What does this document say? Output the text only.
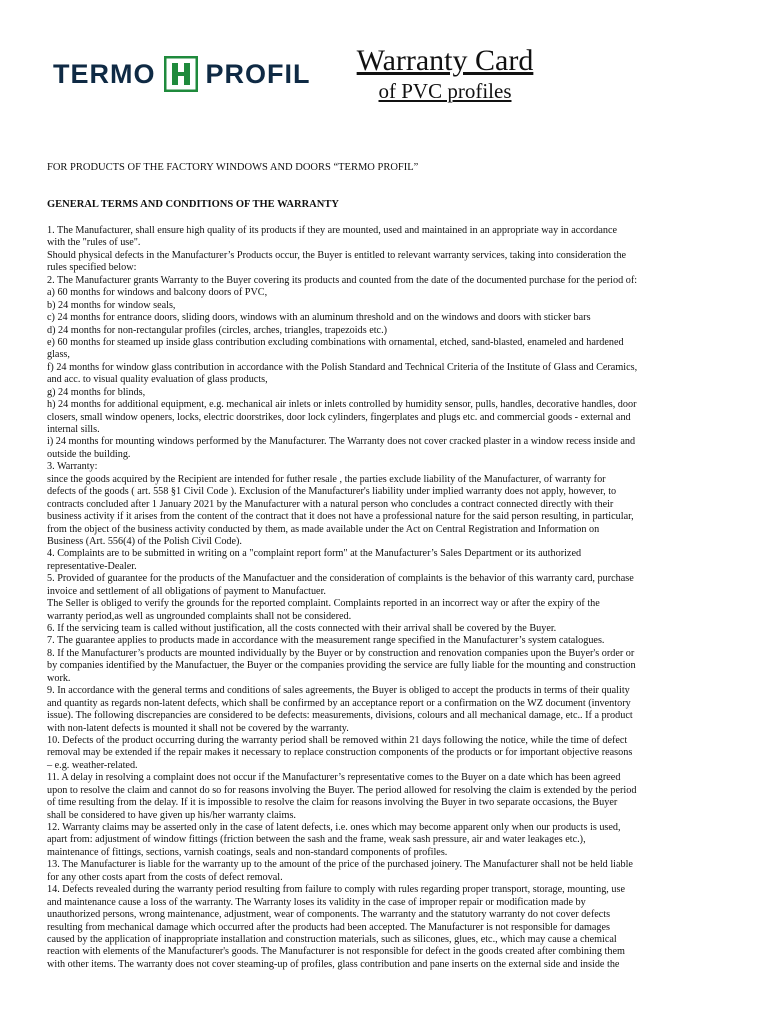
TERMO PROFIL	Warranty Card
of PVC profiles
FOR PRODUCTS OF THE FACTORY WINDOWS AND DOORS “TERMO PROFIL”
GENERAL TERMS AND CONDITIONS OF THE WARRANTY
1. The Manufacturer, shall ensure high quality of its products if they are mounted, used and maintained in an appropriate way in accordance
with the "rules of use".
Should physical defects in the Manufacturer’s Products occur, the Buyer is entitled to relevant warranty services, taking into consideration the
rules specified below:
2. The Manufacturer grants Warranty to the Buyer covering its products and counted from the date of the documented purchase for the period of:
a) 60 months for windows and balcony doors of PVC,
b) 24 months for window seals,
c) 24 months for entrance doors, sliding doors, windows with an aluminum threshold and on the windows and doors with sticker bars
d) 24 months for non-rectangular profiles (circles, arches, triangles, trapezoids etc.)
e) 60 months for steamed up inside glass contribution excluding combinations with ornamental, etched, sand-blasted, enameled and hardened
glass,
f) 24 months for window glass contribution in accordance with the Polish Standard and Technical Criteria of the Institute of Glass and Ceramics,
and acc. to visual quality evaluation of glass products,
g) 24 months for blinds,
h) 24 months for additional equipment, e.g. mechanical air inlets or inlets controlled by humidity sensor, pulls, handles, decorative handles, door
closers, small window openers, locks, electric doorstrikes, door lock cylinders, fingerplates and plugs etc. and commercial goods - external and
internal sills.
i) 24 months for mounting windows performed by the Manufacturer. The Warranty does not cover cracked plaster in a window recess inside and
outside the building.
3. Warranty:
since the goods acquired by the Recipient are intended for futher resale , the parties exclude liability of the Manufacturer, of warranty for
defects of the goods ( art. 558 §1 Civil Code ). Exclusion of the Manufacturer's liability under implied warranty does not apply, however, to
contracts concluded after 1 January 2021 by the Manufacturer with a natural person who concludes a contract connected directly with their
business activity if it arises from the content of the contract that it does not have a professional nature for the said person resulting, in particular,
from the object of the business activity conducted by them, as made available under the Act on Central Registration and Information on
Business (Art. 556(4) of the Polish Civil Code).
4. Complaints are to be submitted in writing on a "complaint report form" at the Manufacturer’s Sales Department or its authorized
representative-Dealer.
5. Provided of guarantee for the products of the Manufactuer and the consideration of complaints is the behavior of this warranty card, purchase
invoice and settlement of all obligations of payment to Manufactuer.
The Seller is obliged to verify the grounds for the reported complaint. Complaints reported in an incorrect way or after the expiry of the
warranty period,as well as ungrounded complaints shall not be considered.
6. If the servicing team is called without justification, all the costs connected with their arrival shall be covered by the Buyer.
7. The guarantee applies to products made in accordance with the measurement range specified in the Manufacturer’s system catalogues.
8. If the Manufacturer’s products are mounted individually by the Buyer or by construction and renovation companies upon the Buyer's order or
by companies identified by the Manufactuer, the Buyer or the companies providing the service are fully liable for the mounting and construction
work.
9. In accordance with the general terms and conditions of sales agreements, the Buyer is obliged to accept the products in terms of their quality
and quantity as regards non-latent defects, which shall be confirmed by an acceptance report or a confirmation on the WZ document (inventory
issue). The following discrepancies are considered to be defects: measurements, divisions, colours and all mechanical damage, etc.. If a product
with non-latent defects is mounted it shall not be covered by the warranty.
10. Defects of the product occurring during the warranty period shall be removed within 21 days following the notice, while the time of defect
removal may be extended if the repair makes it necessary to replace construction components of the products or for important objective reasons
– e.g. weather-related.
11. A delay in resolving a complaint does not occur if the Manufacturer’s representative comes to the Buyer on a date which has been agreed
upon to resolve the claim and cannot do so for reasons involving the Buyer. The period allowed for resolving the claim is extended by the period
of time resulting from the delay. If it is impossible to resolve the claim for reasons involving the Buyer in two separate occasions, the Buyer
shall be considered to have given up his/her warranty claims.
12. Warranty claims may be asserted only in the case of latent defects, i.e. ones which may become apparent only when our products is used,
apart from: adjustment of window fittings (friction between the sash and the frame, weak sash pressure, air and water leakages etc.),
maintenance of fittings, sections, varnish coatings, seals and non-standard components of profiles.
13. The Manufacturer is liable for the warranty up to the amount of the price of the purchased joinery. The Manufacturer shall not be held liable
for any other costs apart from the costs of defect removal.
14. Defects revealed during the warranty period resulting from failure to comply with rules regarding proper transport, storage, mounting, use
and maintenance cause a loss of the warranty. The Warranty loses its validity in the case of improper repair or modification made by
unauthorized persons, wrong maintenance, adjustment, wear of components. The warranty and the statutory warranty do not cover defects
resulting from mechanical damage which occurred after the products had been accepted. The Manufacturer is not responsible for damages
caused by the application of inappropriate installation and construction materials, such as silicones, glues, etc., which may cause a chemical
reaction with elements of the Manufacturer's goods. The Manufacturer is not responsible for defect in the goods created after combining them
with other items. The warranty does not cover steaming-up of profiles, glass contribution and pane inserts on the external side and inside the
